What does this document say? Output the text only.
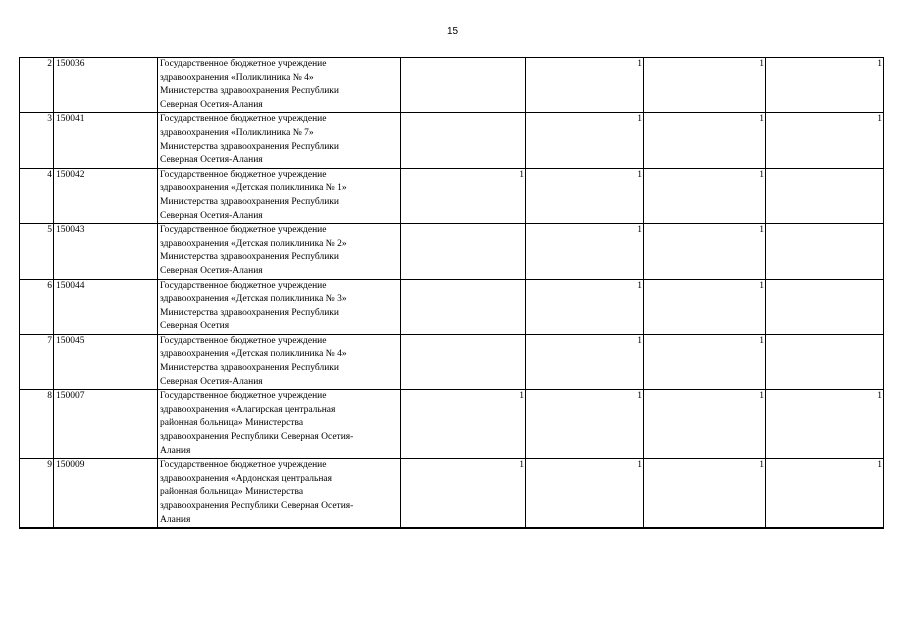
15
2	150036	Государственное бюджетное учреждение
здравоохранения «Поликлиника № 4»
Министерства здравоохранения Республики
Северная Осетия-Алания		1	1	1
3	150041	Государственное бюджетное учреждение
здравоохранения «Поликлиника № 7»
Министерства здравоохранения Республики
Северная Осетия-Алания		1	1	1
4	150042	Государственное бюджетное учреждение
здравоохранения «Детская поликлиника № 1»
Министерства здравоохранения Республики
Северная Осетия-Алания	1	1	1	
5	150043	Государственное бюджетное учреждение
здравоохранения «Детская поликлиника № 2»
Министерства здравоохранения Республики
Северная Осетия-Алания		1	1	
6	150044	Государственное бюджетное учреждение
здравоохранения «Детская поликлиника № 3»
Министерства здравоохранения Республики
Северная Осетия		1	1	
7	150045	Государственное бюджетное учреждение
здравоохранения «Детская поликлиника № 4»
Министерства здравоохранения Республики
Северная Осетия-Алания		1	1	
8	150007	Государственное бюджетное учреждение
здравоохранения «Алагирская центральная
районная больница» Министерства
здравоохранения Республики Северная Осетия-
Алания	1	1	1	1
9	150009	Государственное бюджетное учреждение
здравоохранения «Ардонская центральная
районная больница» Министерства
здравоохранения Республики Северная Осетия-
Алания	1	1	1	1
